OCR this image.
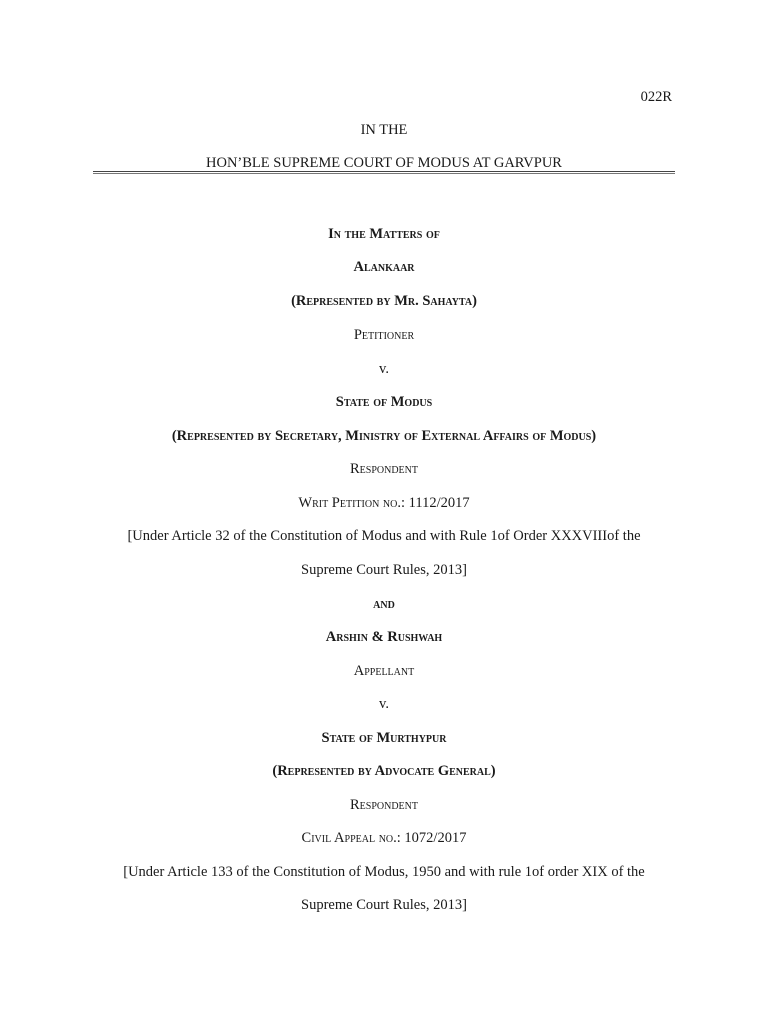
022R
IN THE
HON’BLE SUPREME COURT OF MODUS AT GARVPUR
In the Matters of
Alankaar
(Represented by Mr. Sahayta)
Petitioner
v.
State of Modus
(Represented by Secretary, Ministry of External Affairs of Modus)
Respondent
Writ Petition no.: 1112/2017
[Under Article 32 of the Constitution of Modus and with Rule 1of Order XXXVIIIof the
Supreme Court Rules, 2013]
and
Arshin & Rushwah
Appellant
v.
State of Murthypur
(Represented by Advocate General)
Respondent
Civil Appeal no.: 1072/2017
[Under Article 133 of the Constitution of Modus, 1950 and with rule 1of order XIX of the
Supreme Court Rules, 2013]
